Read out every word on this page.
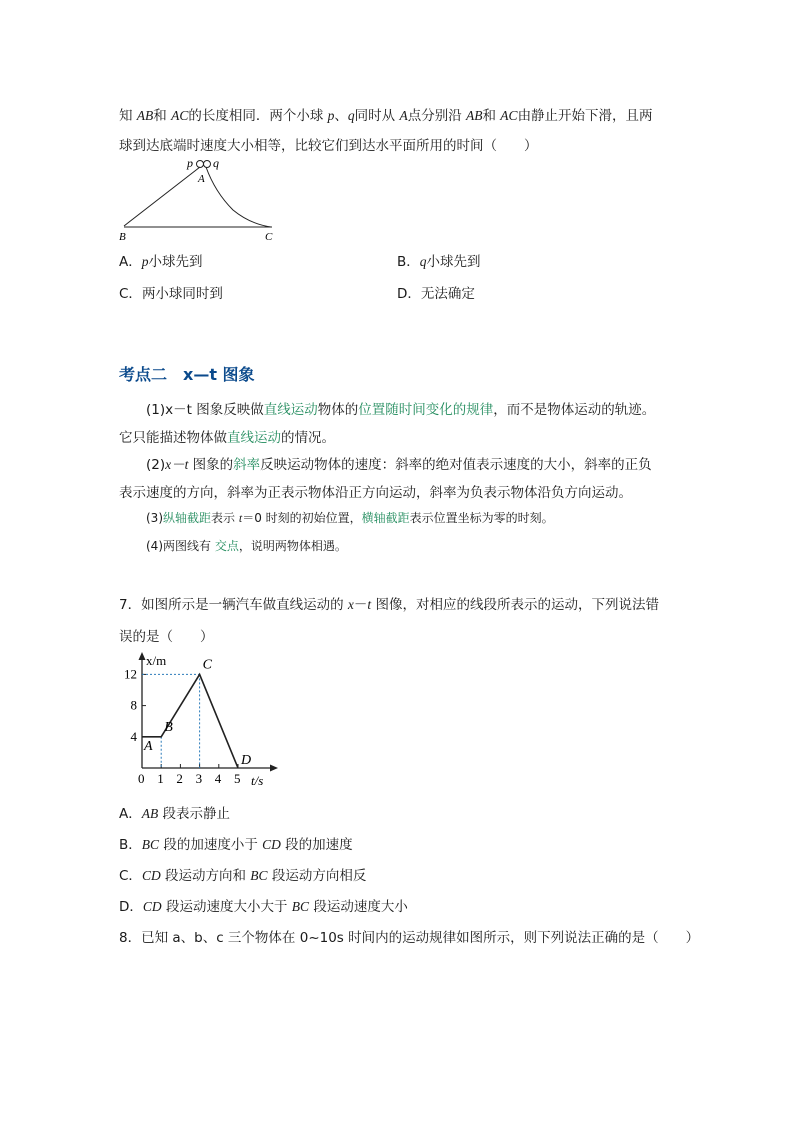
知 AB和 AC的长度相同．两个小球 p、q同时从 A点分别沿 AB和 AC由静止开始下滑，且两
球到达底端时速度大小相等，比较它们到达水平面所用的时间（　　）
p q
A
B	C
A．p小球先到	B．q小球先到
C．两小球同时到	D．无法确定
考点二　x—t 图象
(1)x－t 图象反映做直线运动物体的位置随时间变化的规律，而不是物体运动的轨迹。
它只能描述物体做直线运动的情况。
(2)x－t 图象的斜率反映运动物体的速度：斜率的绝对值表示速度的大小，斜率的正负
表示速度的方向，斜率为正表示物体沿正方向运动，斜率为负表示物体沿负方向运动。
(3)纵轴截距表示 t＝0 时刻的初始位置，横轴截距表示位置坐标为零的时刻。
(4)两图线有 交点，说明两物体相遇。
7．如图所示是一辆汽车做直线运动的 x－t 图像，对相应的线段所表示的运动，下列说法错
误的是（　　）
x/m
t/s
0 1 2 3 4 5
4
8
12
A
B
C
D
A．AB 段表示静止
B．BC 段的加速度小于 CD 段的加速度
C．CD 段运动方向和 BC 段运动方向相反
D．CD 段运动速度大小大于 BC 段运动速度大小
8．已知 a、b、c 三个物体在 0~10s 时间内的运动规律如图所示，则下列说法正确的是（　　）
